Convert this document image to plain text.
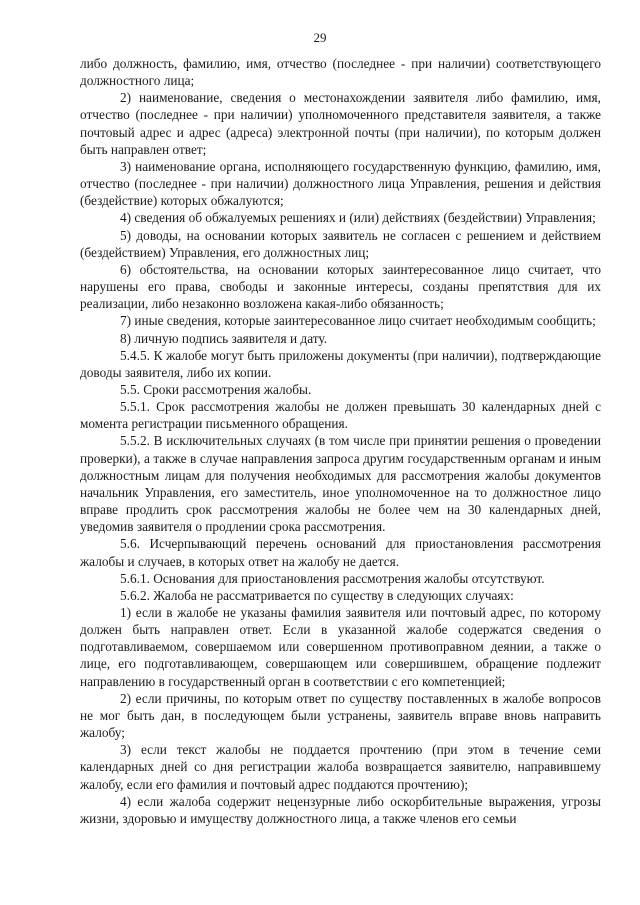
29

либо должность, фамилию, имя, отчество (последнее - при наличии) соответствующего должностного лица;

2) наименование, сведения о местонахождении заявителя либо фамилию, имя, отчество (последнее - при наличии) уполномоченного представителя заявителя, а также почтовый адрес и адрес (адреса) электронной почты (при наличии), по которым должен быть направлен ответ;

3) наименование органа, исполняющего государственную функцию, фамилию, имя, отчество (последнее - при наличии) должностного лица Управления, решения и действия (бездействие) которых обжалуются;

4) сведения об обжалуемых решениях и (или) действиях (бездействии) Управления;

5) доводы, на основании которых заявитель не согласен с решением и действием (бездействием) Управления, его должностных лиц;

6) обстоятельства, на основании которых заинтересованное лицо считает, что нарушены его права, свободы и законные интересы, созданы препятствия для их реализации, либо незаконно возложена какая-либо обязанность;

7) иные сведения, которые заинтересованное лицо считает необходимым сообщить;

8) личную подпись заявителя и дату.

5.4.5. К жалобе могут быть приложены документы (при наличии), подтверждающие доводы заявителя, либо их копии.

5.5. Сроки рассмотрения жалобы.

5.5.1. Срок рассмотрения жалобы не должен превышать 30 календарных дней с момента регистрации письменного обращения.

5.5.2. В исключительных случаях (в том числе при принятии решения о проведении проверки), а также в случае направления запроса другим государственным органам и иным должностным лицам для получения необходимых для рассмотрения жалобы документов начальник Управления, его заместитель, иное уполномоченное на то должностное лицо вправе продлить срок рассмотрения жалобы не более чем на 30 календарных дней, уведомив заявителя о продлении срока рассмотрения.

5.6. Исчерпывающий перечень оснований для приостановления рассмотрения жалобы и случаев, в которых ответ на жалобу не дается.

5.6.1. Основания для приостановления рассмотрения жалобы отсутствуют.

5.6.2. Жалоба не рассматривается по существу в следующих случаях:

1) если в жалобе не указаны фамилия заявителя или почтовый адрес, по которому должен быть направлен ответ. Если в указанной жалобе содержатся сведения о подготавливаемом, совершаемом или совершенном противоправном деянии, а также о лице, его подготавливающем, совершающем или совершившем, обращение подлежит направлению в государственный орган в соответствии с его компетенцией;

2) если причины, по которым ответ по существу поставленных в жалобе вопросов не мог быть дан, в последующем были устранены, заявитель вправе вновь направить жалобу;

3) если текст жалобы не поддается прочтению (при этом в течение семи календарных дней со дня регистрации жалоба возвращается заявителю, направившему жалобу, если его фамилия и почтовый адрес поддаются прочтению);

4) если жалоба содержит нецензурные либо оскорбительные выражения, угрозы жизни, здоровью и имуществу должностного лица, а также членов его семьи
